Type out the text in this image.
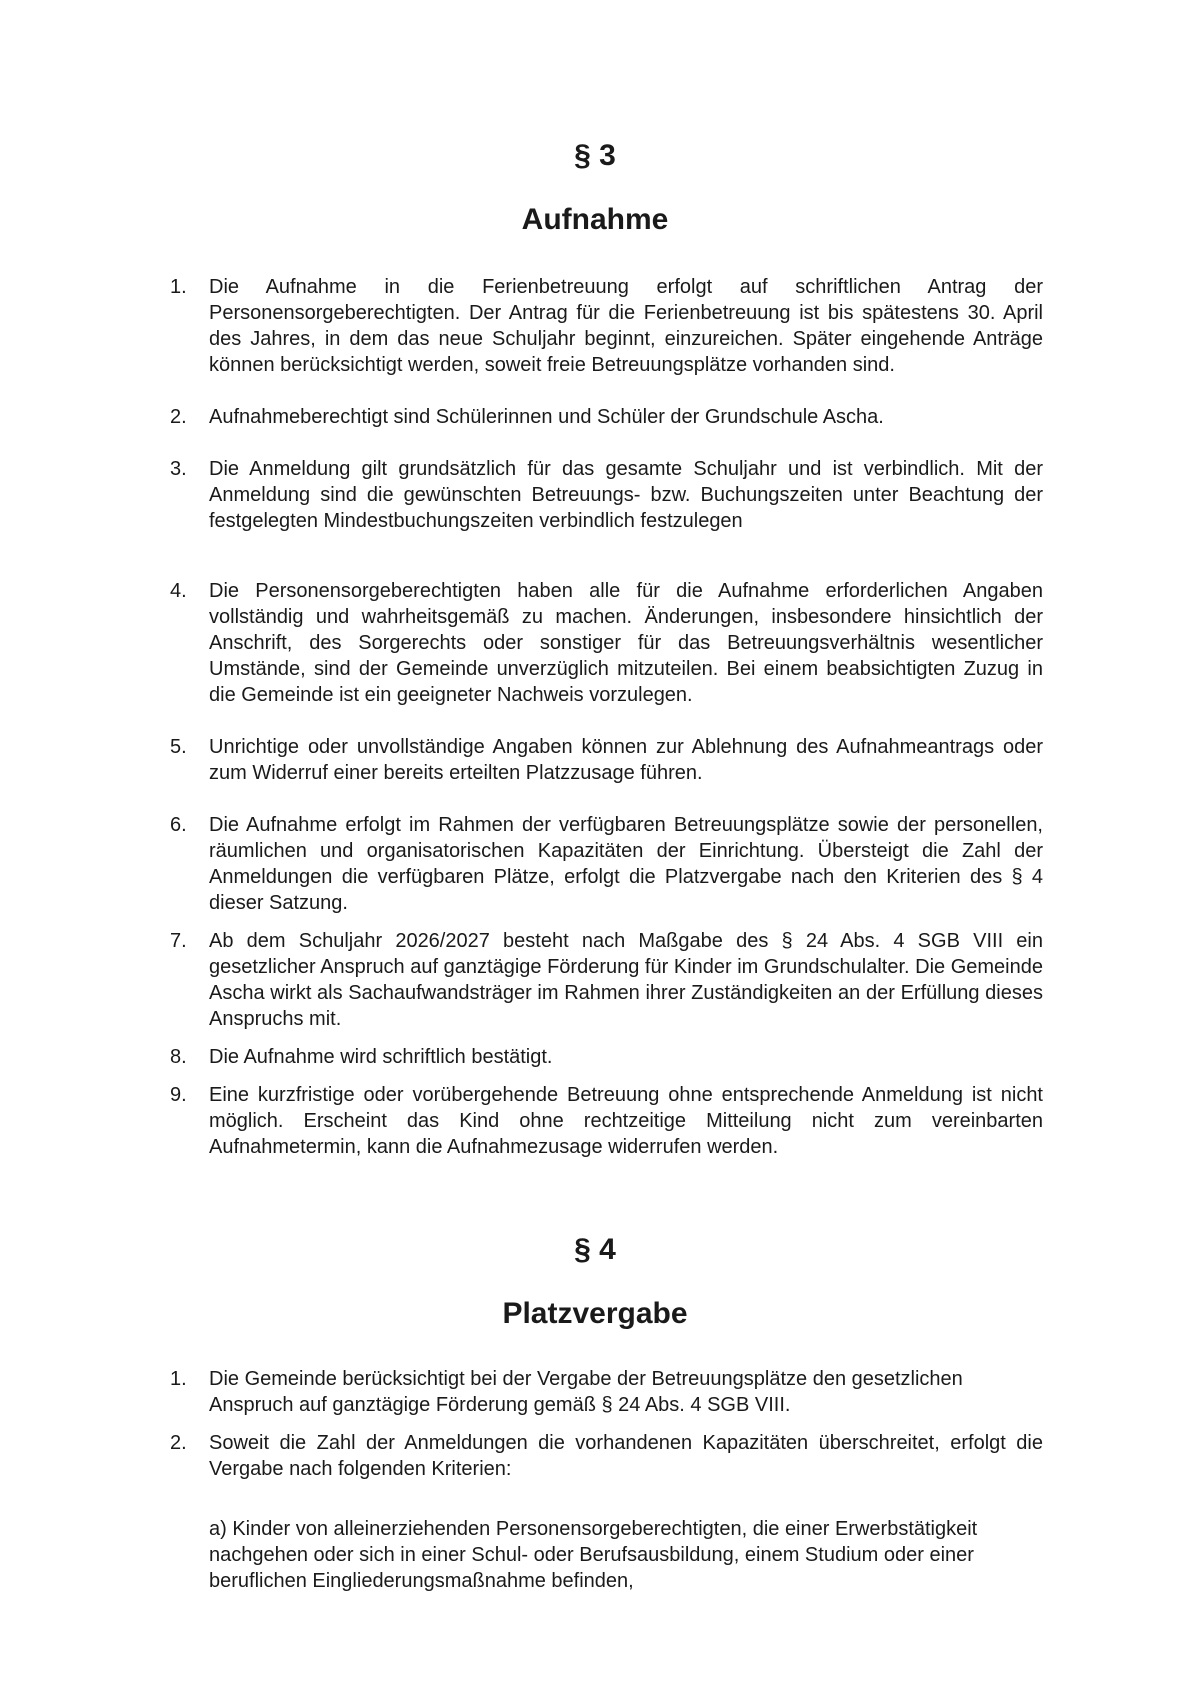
§ 3
Aufnahme
1.	Die Aufnahme in die Ferienbetreuung erfolgt auf schriftlichen Antrag der Personensorgeberechtigten. Der Antrag für die Ferienbetreuung ist bis spätestens 30. April des Jahres, in dem das neue Schuljahr beginnt, einzureichen. Später eingehende Anträge können berücksichtigt werden, soweit freie Betreuungsplätze vorhanden sind.
2.	Aufnahmeberechtigt sind Schülerinnen und Schüler der Grundschule Ascha.
3.	Die Anmeldung gilt grundsätzlich für das gesamte Schuljahr und ist verbindlich. Mit der Anmeldung sind die gewünschten Betreuungs- bzw. Buchungszeiten unter Beachtung der festgelegten Mindestbuchungszeiten verbindlich festzulegen
4.	Die Personensorgeberechtigten haben alle für die Aufnahme erforderlichen Angaben vollständig und wahrheitsgemäß zu machen. Änderungen, insbesondere hinsichtlich der Anschrift, des Sorgerechts oder sonstiger für das Betreuungsverhältnis wesentlicher Umstände, sind der Gemeinde unverzüglich mitzuteilen. Bei einem beabsichtigten Zuzug in die Gemeinde ist ein geeigneter Nachweis vorzulegen.
5.	Unrichtige oder unvollständige Angaben können zur Ablehnung des Aufnahmeantrags oder zum Widerruf einer bereits erteilten Platzzusage führen.
6.	Die Aufnahme erfolgt im Rahmen der verfügbaren Betreuungsplätze sowie der personellen, räumlichen und organisatorischen Kapazitäten der Einrichtung. Übersteigt die Zahl der Anmeldungen die verfügbaren Plätze, erfolgt die Platzvergabe nach den Kriterien des § 4 dieser Satzung.
7.	Ab dem Schuljahr 2026/2027 besteht nach Maßgabe des § 24 Abs. 4 SGB VIII ein gesetzlicher Anspruch auf ganztägige Förderung für Kinder im Grundschulalter. Die Gemeinde Ascha wirkt als Sachaufwandsträger im Rahmen ihrer Zuständigkeiten an der Erfüllung dieses Anspruchs mit.
8.	Die Aufnahme wird schriftlich bestätigt.
9.	Eine kurzfristige oder vorübergehende Betreuung ohne entsprechende Anmeldung ist nicht möglich. Erscheint das Kind ohne rechtzeitige Mitteilung nicht zum vereinbarten Aufnahmetermin, kann die Aufnahmezusage widerrufen werden.
§ 4
Platzvergabe
1.	Die Gemeinde berücksichtigt bei der Vergabe der Betreuungsplätze den gesetzlichen Anspruch auf ganztägige Förderung gemäß § 24 Abs. 4 SGB VIII.
2.	Soweit die Zahl der Anmeldungen die vorhandenen Kapazitäten überschreitet, erfolgt die Vergabe nach folgenden Kriterien:
a) Kinder von alleinerziehenden Personensorgeberechtigten, die einer Erwerbstätigkeit nachgehen oder sich in einer Schul- oder Berufsausbildung, einem Studium oder einer beruflichen Eingliederungsmaßnahme befinden,
